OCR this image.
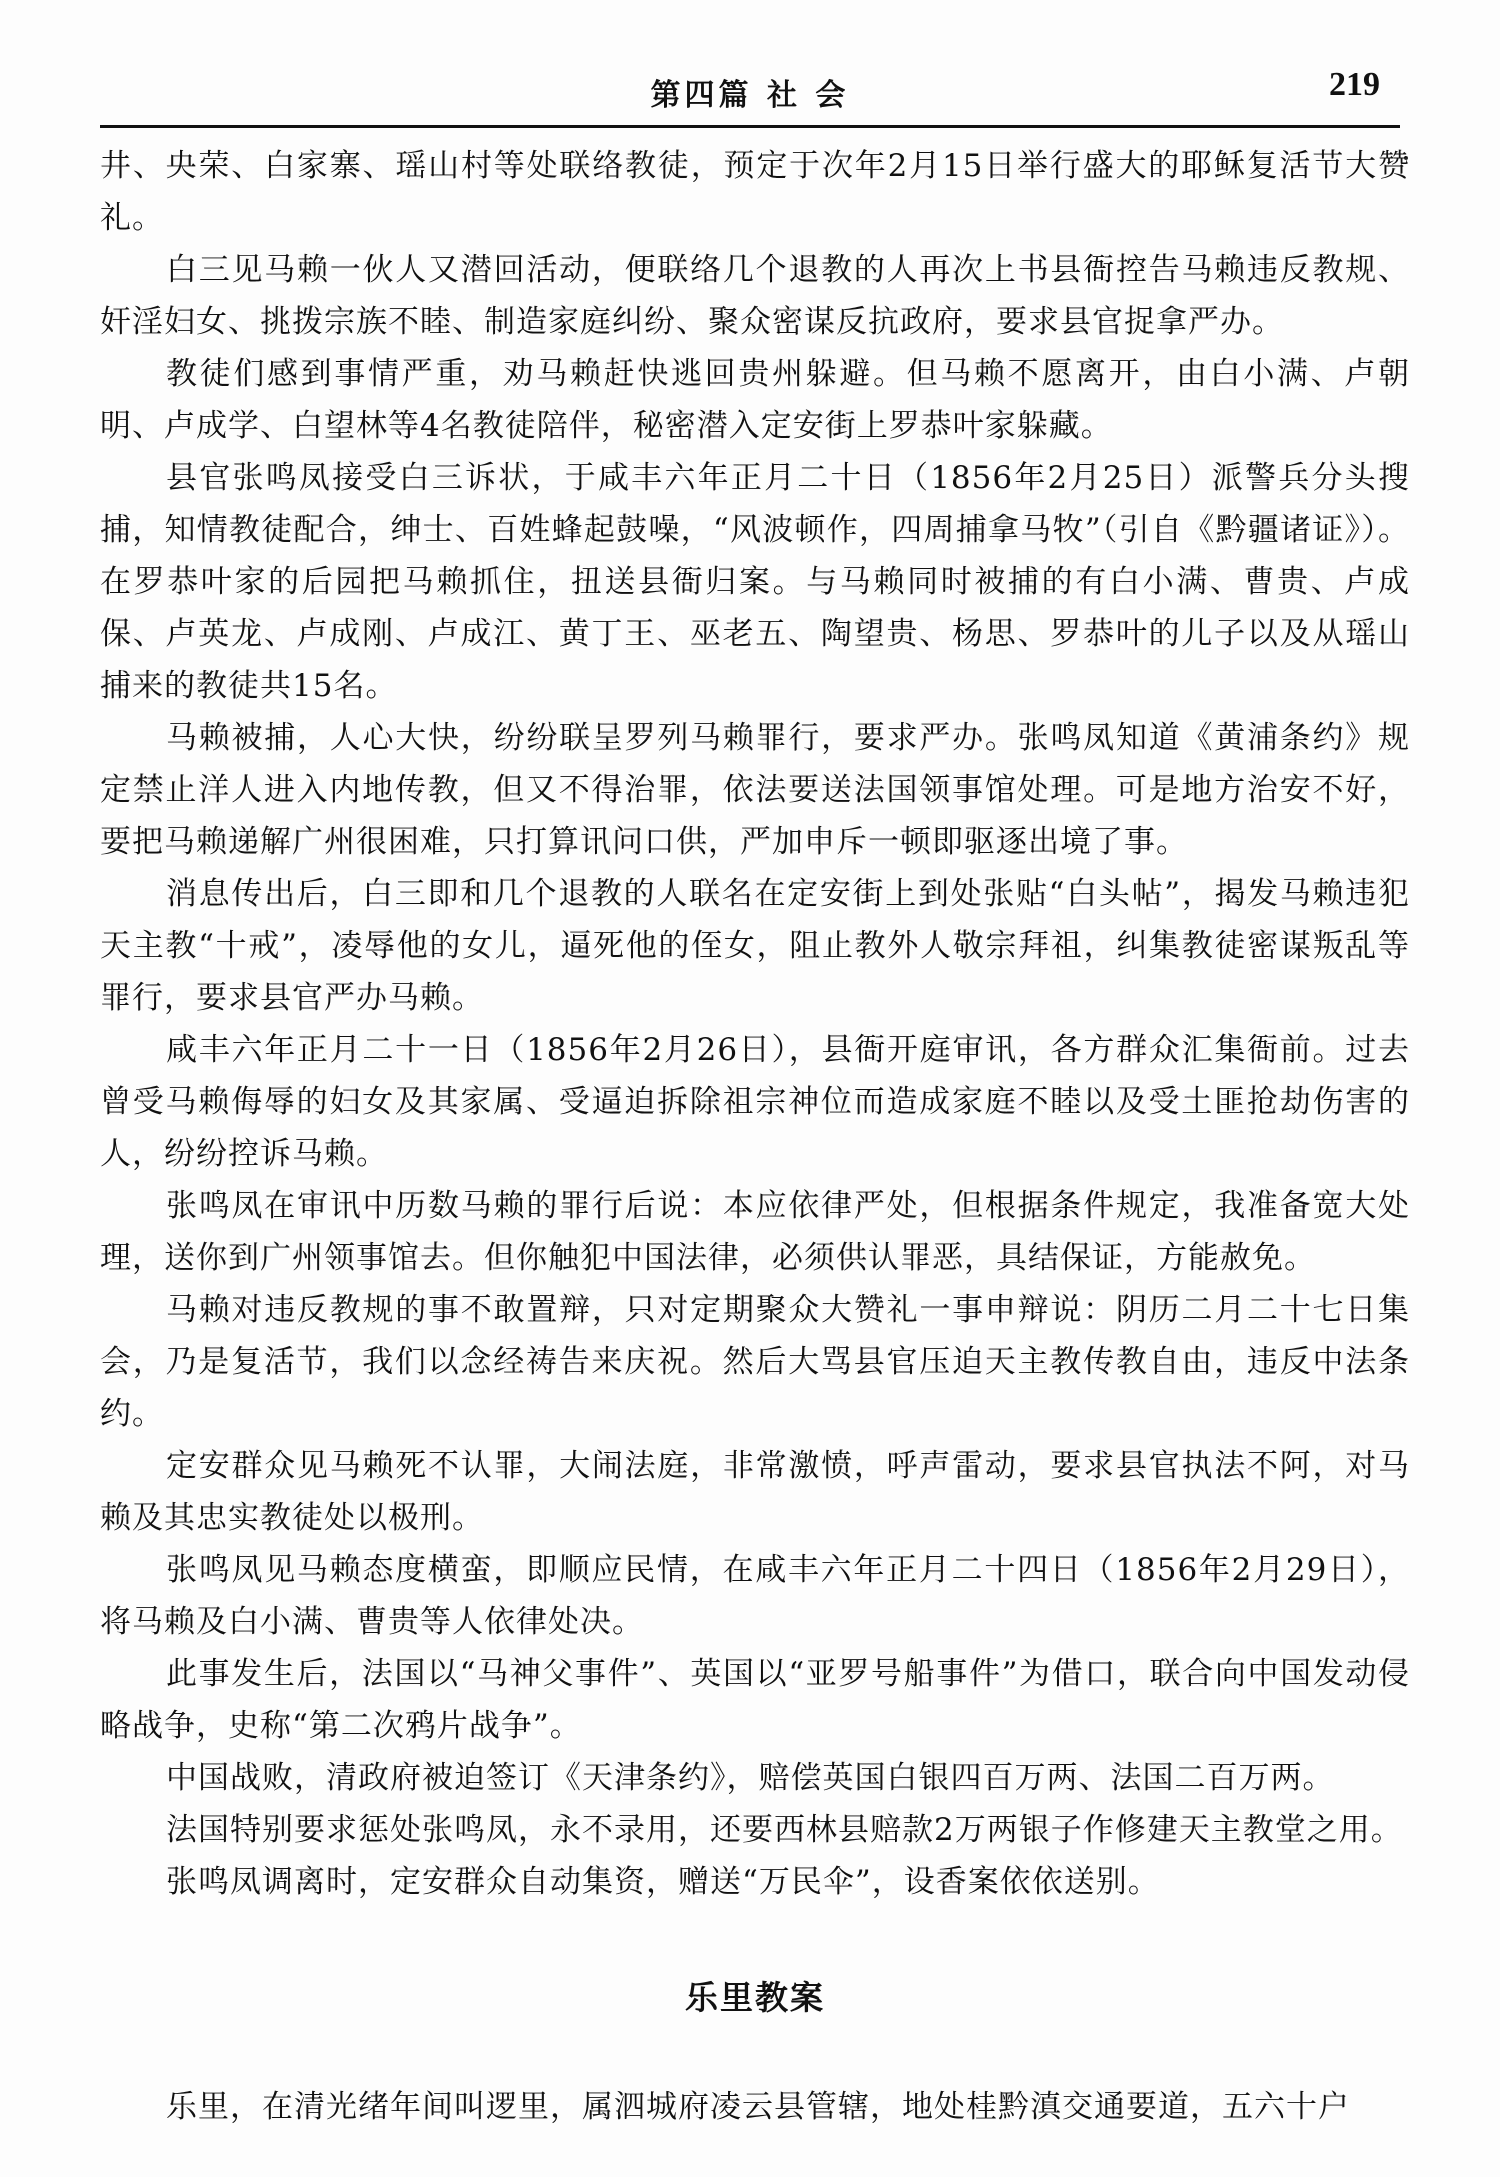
第四篇 社 会	219

井、央荣、白家寨、瑶山村等处联络教徒，预定于次年2月15日举行盛大的耶稣复活节大赞礼。

白三见马赖一伙人又潜回活动，便联络几个退教的人再次上书县衙控告马赖违反教规、奸淫妇女、挑拨宗族不睦、制造家庭纠纷、聚众密谋反抗政府，要求县官捉拿严办。

教徒们感到事情严重，劝马赖赶快逃回贵州躲避。但马赖不愿离开，由白小满、卢朝明、卢成学、白望林等4名教徒陪伴，秘密潜入定安街上罗恭叶家躲藏。

县官张鸣凤接受白三诉状，于咸丰六年正月二十日（1856年2月25日）派警兵分头搜捕，知情教徒配合，绅士、百姓蜂起鼓噪，“风波顿作，四周捕拿马牧”（引自《黔疆诸证》）。在罗恭叶家的后园把马赖抓住，扭送县衙归案。与马赖同时被捕的有白小满、曹贵、卢成保、卢英龙、卢成刚、卢成江、黄丁王、巫老五、陶望贵、杨思、罗恭叶的儿子以及从瑶山捕来的教徒共15名。

马赖被捕，人心大快，纷纷联呈罗列马赖罪行，要求严办。张鸣凤知道《黄浦条约》规定禁止洋人进入内地传教，但又不得治罪，依法要送法国领事馆处理。可是地方治安不好，要把马赖递解广州很困难，只打算讯问口供，严加申斥一顿即驱逐出境了事。

消息传出后，白三即和几个退教的人联名在定安街上到处张贴“白头帖”，揭发马赖违犯天主教“十戒”，凌辱他的女儿，逼死他的侄女，阻止教外人敬宗拜祖，纠集教徒密谋叛乱等罪行，要求县官严办马赖。

咸丰六年正月二十一日（1856年2月26日），县衙开庭审讯，各方群众汇集衙前。过去曾受马赖侮辱的妇女及其家属、受逼迫拆除祖宗神位而造成家庭不睦以及受土匪抢劫伤害的人，纷纷控诉马赖。

张鸣凤在审讯中历数马赖的罪行后说：本应依律严处，但根据条件规定，我准备宽大处理，送你到广州领事馆去。但你触犯中国法律，必须供认罪恶，具结保证，方能赦免。

马赖对违反教规的事不敢置辩，只对定期聚众大赞礼一事申辩说：阴历二月二十七日集会，乃是复活节，我们以念经祷告来庆祝。然后大骂县官压迫天主教传教自由，违反中法条约。

定安群众见马赖死不认罪，大闹法庭，非常激愤，呼声雷动，要求县官执法不阿，对马赖及其忠实教徒处以极刑。

张鸣凤见马赖态度横蛮，即顺应民情，在咸丰六年正月二十四日（1856年2月29日），将马赖及白小满、曹贵等人依律处决。

此事发生后，法国以“马神父事件”、英国以“亚罗号船事件”为借口，联合向中国发动侵略战争，史称“第二次鸦片战争”。

中国战败，清政府被迫签订《天津条约》，赔偿英国白银四百万两、法国二百万两。

法国特别要求惩处张鸣凤，永不录用，还要西林县赔款2万两银子作修建天主教堂之用。

张鸣凤调离时，定安群众自动集资，赠送“万民伞”，设香案依依送别。

乐里教案

乐里，在清光绪年间叫逻里，属泗城府凌云县管辖，地处桂黔滇交通要道，五六十户
